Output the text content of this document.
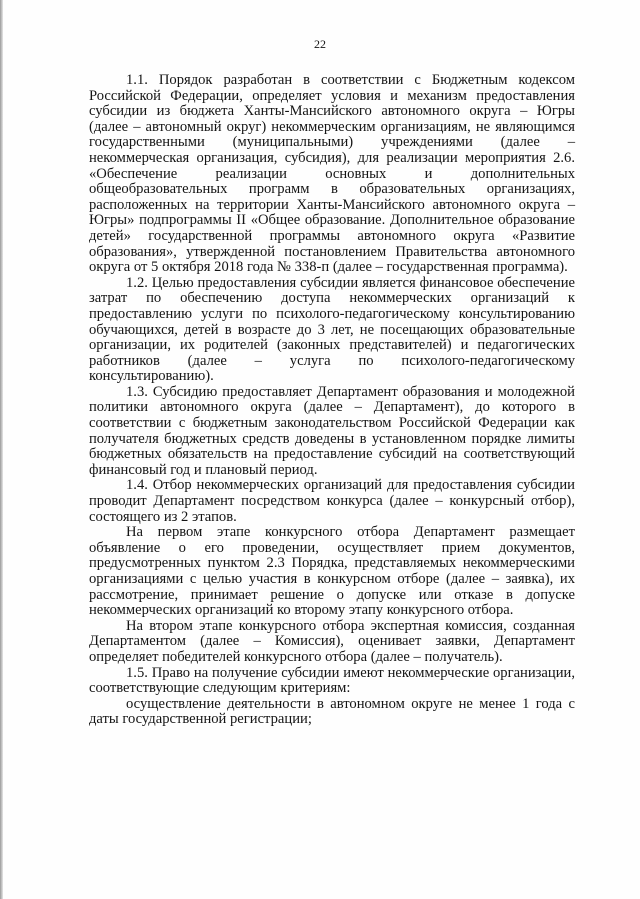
22

1.1. Порядок разработан в соответствии с Бюджетным кодексом Российской Федерации, определяет условия и механизм предоставления субсидии из бюджета Ханты-Мансийского автономного округа – Югры (далее – автономный округ) некоммерческим организациям, не являющимся государственными (муниципальными) учреждениями (далее – некоммерческая организация, субсидия), для реализации мероприятия 2.6. «Обеспечение реализации основных и дополнительных общеобразовательных программ в образовательных организациях, расположенных на территории Ханты-Мансийского автономного округа – Югры» подпрограммы II «Общее образование. Дополнительное образование детей» государственной программы автономного округа «Развитие образования», утвержденной постановлением Правительства автономного округа от 5 октября 2018 года № 338-п (далее – государственная программа).

1.2. Целью предоставления субсидии является финансовое обеспечение затрат по обеспечению доступа некоммерческих организаций к предоставлению услуги по психолого-педагогическому консультированию обучающихся, детей в возрасте до 3 лет, не посещающих образовательные организации, их родителей (законных представителей) и педагогических работников (далее – услуга по психолого-педагогическому консультированию).

1.3. Субсидию предоставляет Департамент образования и молодежной политики автономного округа (далее – Департамент), до которого в соответствии с бюджетным законодательством Российской Федерации как получателя бюджетных средств доведены в установленном порядке лимиты бюджетных обязательств на предоставление субсидий на соответствующий финансовый год и плановый период.

1.4. Отбор некоммерческих организаций для предоставления субсидии проводит Департамент посредством конкурса (далее – конкурсный отбор), состоящего из 2 этапов.

На первом этапе конкурсного отбора Департамент размещает объявление о его проведении, осуществляет прием документов, предусмотренных пунктом 2.3 Порядка, представляемых некоммерческими организациями с целью участия в конкурсном отборе (далее – заявка), их рассмотрение, принимает решение о допуске или отказе в допуске некоммерческих организаций ко второму этапу конкурсного отбора.

На втором этапе конкурсного отбора экспертная комиссия, созданная Департаментом (далее – Комиссия), оценивает заявки, Департамент определяет победителей конкурсного отбора (далее – получатель).

1.5. Право на получение субсидии имеют некоммерческие организации, соответствующие следующим критериям:

осуществление деятельности в автономном округе не менее 1 года с даты государственной регистрации;
